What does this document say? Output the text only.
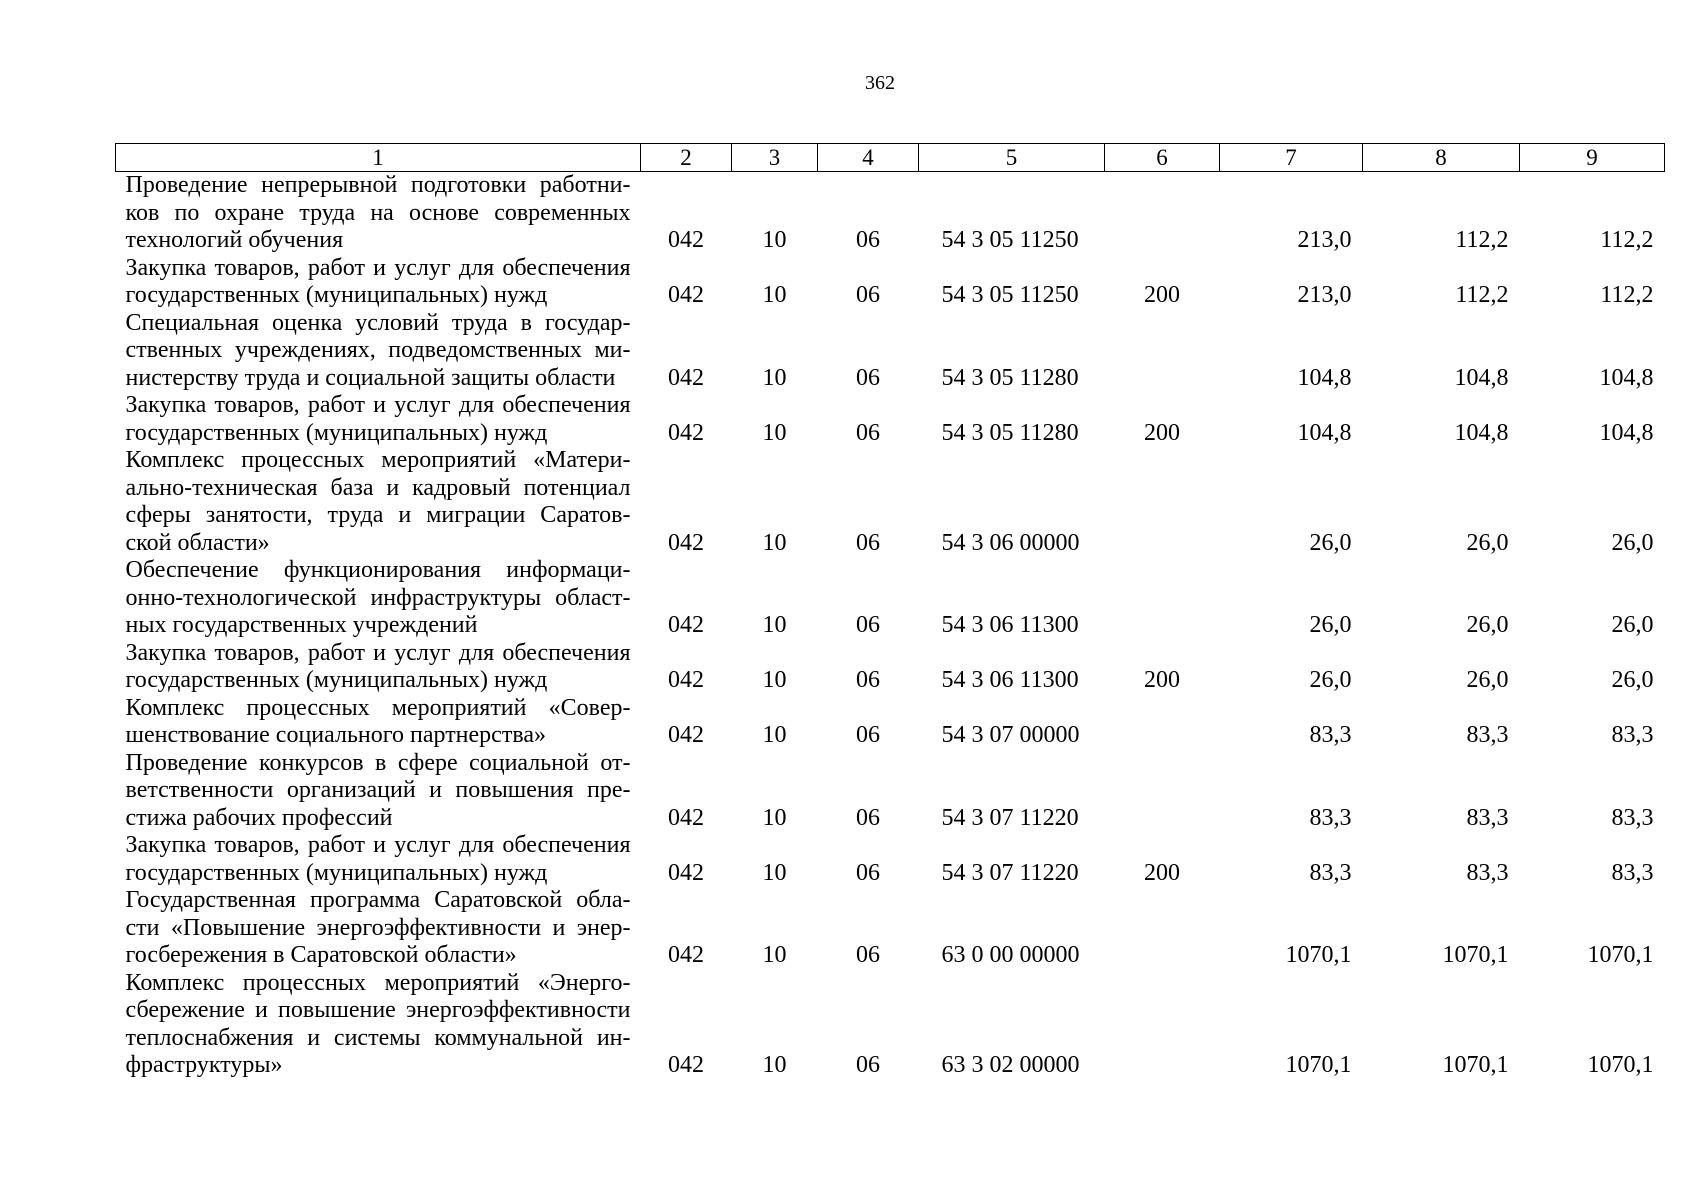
362
1	2	3	4	5	6	7	8	9

Проведение непрерывной подготовки работни-
ков по охране труда на основе современных
технологий обучения	042	10	06	54 3 05 11250		213,0	112,2	112,2

Закупка товаров, работ и услуг для обеспечения
государственных (муниципальных) нужд	042	10	06	54 3 05 11250	200	213,0	112,2	112,2

Специальная оценка условий труда в государ-
ственных учреждениях, подведомственных ми-
нистерству труда и социальной защиты области	042	10	06	54 3 05 11280		104,8	104,8	104,8

Закупка товаров, работ и услуг для обеспечения
государственных (муниципальных) нужд	042	10	06	54 3 05 11280	200	104,8	104,8	104,8

Комплекс процессных мероприятий «Матери-
ально-техническая база и кадровый потенциал
сферы занятости, труда и миграции Саратов-
ской области»	042	10	06	54 3 06 00000		26,0	26,0	26,0

Обеспечение функционирования информаци-
онно-технологической инфраструктуры област-
ных государственных учреждений	042	10	06	54 3 06 11300		26,0	26,0	26,0

Закупка товаров, работ и услуг для обеспечения
государственных (муниципальных) нужд	042	10	06	54 3 06 11300	200	26,0	26,0	26,0

Комплекс процессных мероприятий «Совер-
шенствование социального партнерства»	042	10	06	54 3 07 00000		83,3	83,3	83,3

Проведение конкурсов в сфере социальной от-
ветственности организаций и повышения пре-
стижа рабочих профессий	042	10	06	54 3 07 11220		83,3	83,3	83,3

Закупка товаров, работ и услуг для обеспечения
государственных (муниципальных) нужд	042	10	06	54 3 07 11220	200	83,3	83,3	83,3

Государственная программа Саратовской обла-
сти «Повышение энергоэффективности и энер-
госбережения в Саратовской области»	042	10	06	63 0 00 00000		1070,1	1070,1	1070,1

Комплекс процессных мероприятий «Энерго-
сбережение и повышение энергоэффективности
теплоснабжения и системы коммунальной ин-
фраструктуры»	042	10	06	63 3 02 00000		1070,1	1070,1	1070,1
